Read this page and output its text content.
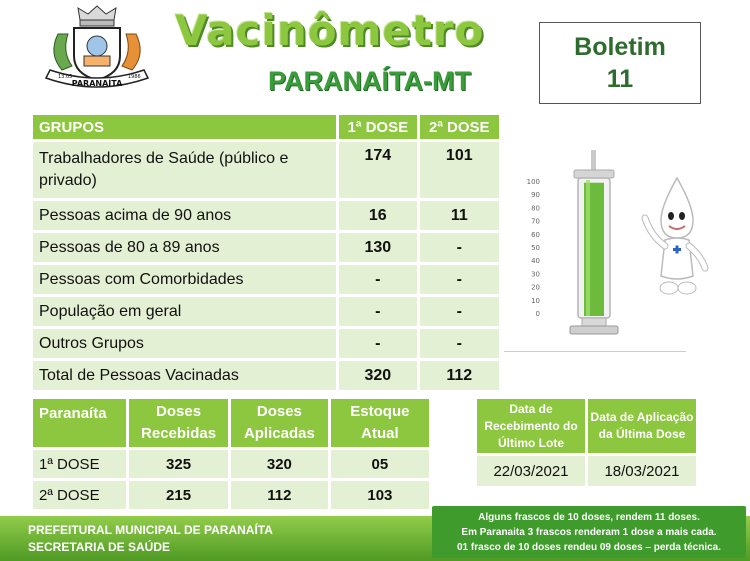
PARANAÍTA
13.05	1986
Vacinômetro
PARANAÍTA-MT
Boletim
11
GRUPOS	1ª DOSE	2ª DOSE
Trabalhadores de Saúde (público e privado)	174	101
Pessoas acima de 90 anos	16	11
Pessoas de 80 a 89 anos	130	-
Pessoas com Comorbidades	-	-
População em geral	-	-
Outros Grupos	-	-
Total de Pessoas Vacinadas	320	112
100
90
80
70
60
50
40
30
20
10
0
Paranaíta	Doses Recebidas	Doses Aplicadas	Estoque Atual
1ª DOSE	325	320	05
2ª DOSE	215	112	103
Data de Recebimento do Último Lote	Data de Aplicação da Última Dose
22/03/2021	18/03/2021
PREFEITURAL MUNICIPAL DE PARANAÍTA
SECRETARIA DE SAÚDE
Alguns frascos de 10 doses, rendem 11 doses.
Em Paranaita 3 frascos renderam 1 dose a mais cada.
01 frasco de 10 doses rendeu 09 doses – perda técnica.
